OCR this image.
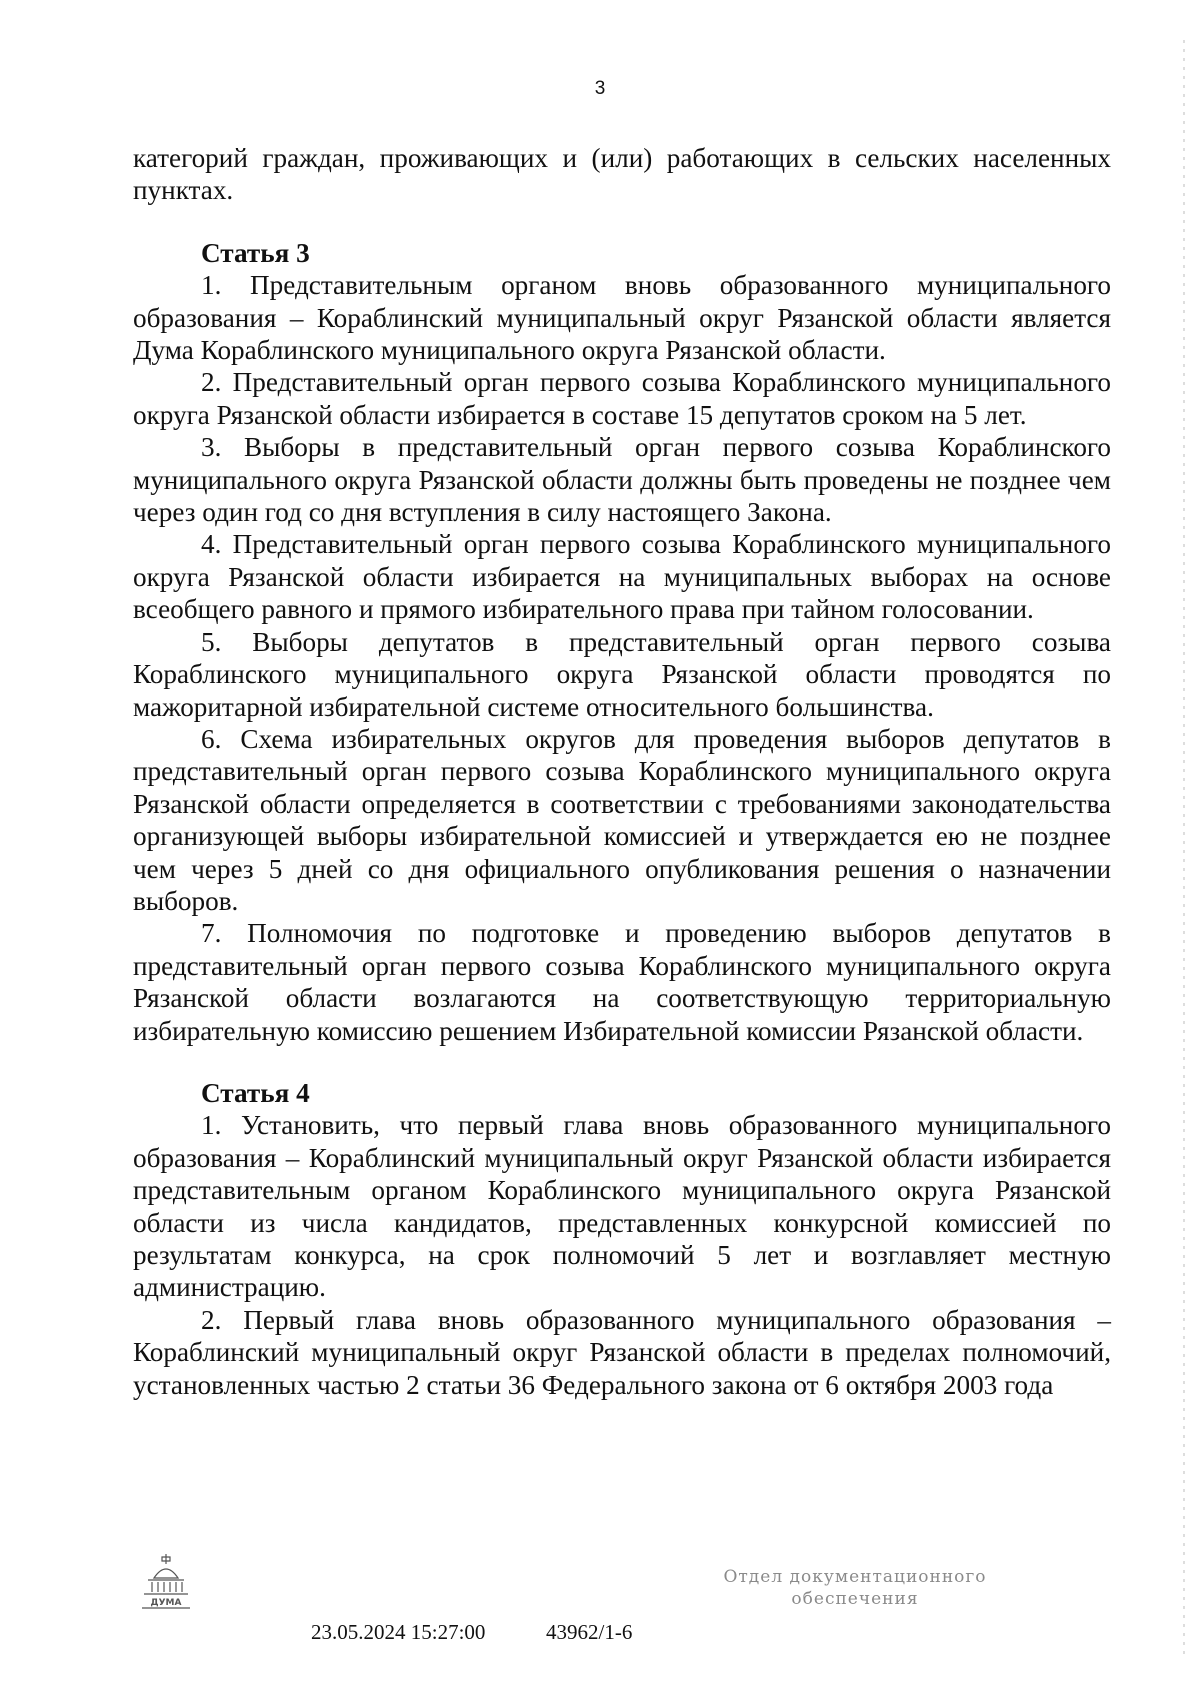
3

категорий граждан, проживающих и (или) работающих в сельских населенных пунктах.

Статья 3

1. Представительным органом вновь образованного муниципального образования – Кораблинский муниципальный округ Рязанской области является Дума Кораблинского муниципального округа Рязанской области.

2. Представительный орган первого созыва Кораблинского муниципального округа Рязанской области избирается в составе 15 депутатов сроком на 5 лет.

3. Выборы в представительный орган первого созыва Кораблинского муниципального округа Рязанской области должны быть проведены не позднее чем через один год со дня вступления в силу настоящего Закона.

4. Представительный орган первого созыва Кораблинского муниципального округа Рязанской области избирается на муниципальных выборах на основе всеобщего равного и прямого избирательного права при тайном голосовании.

5. Выборы депутатов в представительный орган первого созыва Кораблинского муниципального округа Рязанской области проводятся по мажоритарной избирательной системе относительного большинства.

6. Схема избирательных округов для проведения выборов депутатов в представительный орган первого созыва Кораблинского муниципального округа Рязанской области определяется в соответствии с требованиями законодательства организующей выборы избирательной комиссией и утверждается ею не позднее чем через 5 дней со дня официального опубликования решения о назначении выборов.

7. Полномочия по подготовке и проведению выборов депутатов в представительный орган первого созыва Кораблинского муниципального округа Рязанской области возлагаются на соответствующую территориальную избирательную комиссию решением Избирательной комиссии Рязанской области.

Статья 4

1. Установить, что первый глава вновь образованного муниципального образования – Кораблинский муниципальный округ Рязанской области избирается представительным органом Кораблинского муниципального округа Рязанской области из числа кандидатов, представленных конкурсной комиссией по результатам конкурса, на срок полномочий 5 лет и возглавляет местную администрацию.

2. Первый глава вновь образованного муниципального образования – Кораблинский муниципальный округ Рязанской области в пределах полномочий, установленных частью 2 статьи 36 Федерального закона от 6 октября 2003 года

ДУМА
23.05.2024 15:27:00	43962/1-6
Отдел документационного
обеспечения
